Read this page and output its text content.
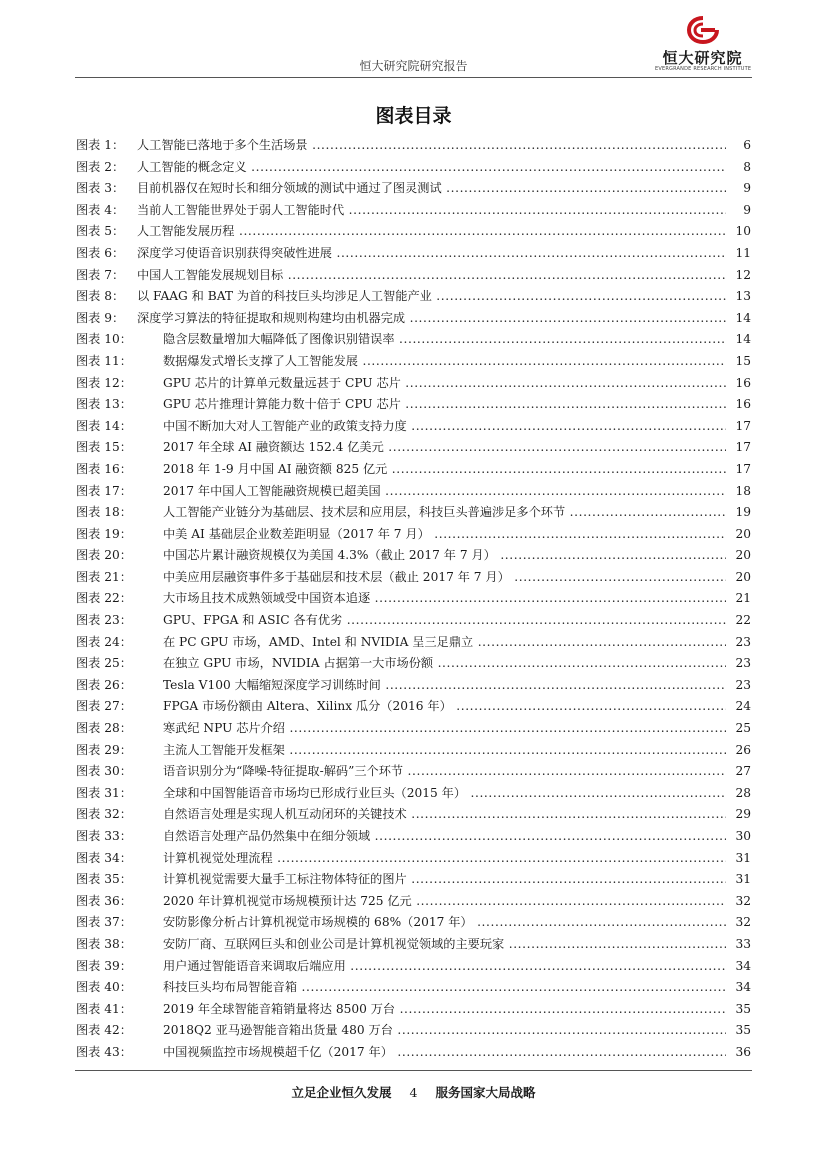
恒大研究院
EVERGRANDE RESEARCH INSTITUTE
恒大研究院研究报告
图表目录
图表 1： 人工智能已落地于多个生活场景 .....	6
图表 2： 人工智能的概念定义 .....	8
图表 3： 目前机器仅在短时长和细分领域的测试中通过了图灵测试 .....	9
图表 4： 当前人工智能世界处于弱人工智能时代 .....	9
图表 5： 人工智能发展历程 .....	10
图表 6： 深度学习使语音识别获得突破性进展 .....	11
图表 7： 中国人工智能发展规划目标 .....	12
图表 8： 以 FAAG 和 BAT 为首的科技巨头均涉足人工智能产业 .....	13
图表 9： 深度学习算法的特征提取和规则构建均由机器完成 .....	14
图表 10：	隐含层数量增加大幅降低了图像识别错误率 .....	14
图表 11：	数据爆发式增长支撑了人工智能发展 .....	15
图表 12：	GPU 芯片的计算单元数量远甚于 CPU 芯片 .....	16
图表 13：	GPU 芯片推理计算能力数十倍于 CPU 芯片 .....	16
图表 14：	中国不断加大对人工智能产业的政策支持力度 .....	17
图表 15：	2017 年全球 AI 融资额达 152.4 亿美元 .....	17
图表 16：	2018 年 1-9 月中国 AI 融资额 825 亿元 .....	17
图表 17：	2017 年中国人工智能融资规模已超美国 .....	18
图表 18：	人工智能产业链分为基础层、技术层和应用层，科技巨头普遍涉足多个环节 .....	19
图表 19：	中美 AI 基础层企业数差距明显（2017 年 7 月） .....	20
图表 20：	中国芯片累计融资规模仅为美国 4.3%（截止 2017 年 7 月） .....	20
图表 21：	中美应用层融资事件多于基础层和技术层（截止 2017 年 7 月） .....	20
图表 22：	大市场且技术成熟领域受中国资本追逐 .....	21
图表 23：	GPU、FPGA 和 ASIC 各有优劣 .....	22
图表 24：	在 PC GPU 市场，AMD、Intel 和 NVIDIA 呈三足鼎立 .....	23
图表 25：	在独立 GPU 市场，NVIDIA 占据第一大市场份额 .....	23
图表 26：	Tesla V100 大幅缩短深度学习训练时间 .....	23
图表 27：	FPGA 市场份额由 Altera、Xilinx 瓜分（2016 年） .....	24
图表 28：	寒武纪 NPU 芯片介绍 .....	25
图表 29：	主流人工智能开发框架 .....	26
图表 30：	语音识别分为“降噪-特征提取-解码”三个环节 .....	27
图表 31：	全球和中国智能语音市场均已形成行业巨头（2015 年） .....	28
图表 32：	自然语言处理是实现人机互动闭环的关键技术 .....	29
图表 33：	自然语言处理产品仍然集中在细分领域 .....	30
图表 34：	计算机视觉处理流程 .....	31
图表 35：	计算机视觉需要大量手工标注物体特征的图片 .....	31
图表 36：	2020 年计算机视觉市场规模预计达 725 亿元 .....	32
图表 37：	安防影像分析占计算机视觉市场规模的 68%（2017 年） .....	32
图表 38：	安防厂商、互联网巨头和创业公司是计算机视觉领域的主要玩家 .....	33
图表 39：	用户通过智能语音来调取后端应用 .....	34
图表 40：	科技巨头均布局智能音箱 .....	34
图表 41：	2019 年全球智能音箱销量将达 8500 万台 .....	35
图表 42：	2018Q2 亚马逊智能音箱出货量 480 万台 .....	35
图表 43：	中国视频监控市场规模超千亿（2017 年） .....	36
立足企业恒久发展 4 服务国家大局战略
